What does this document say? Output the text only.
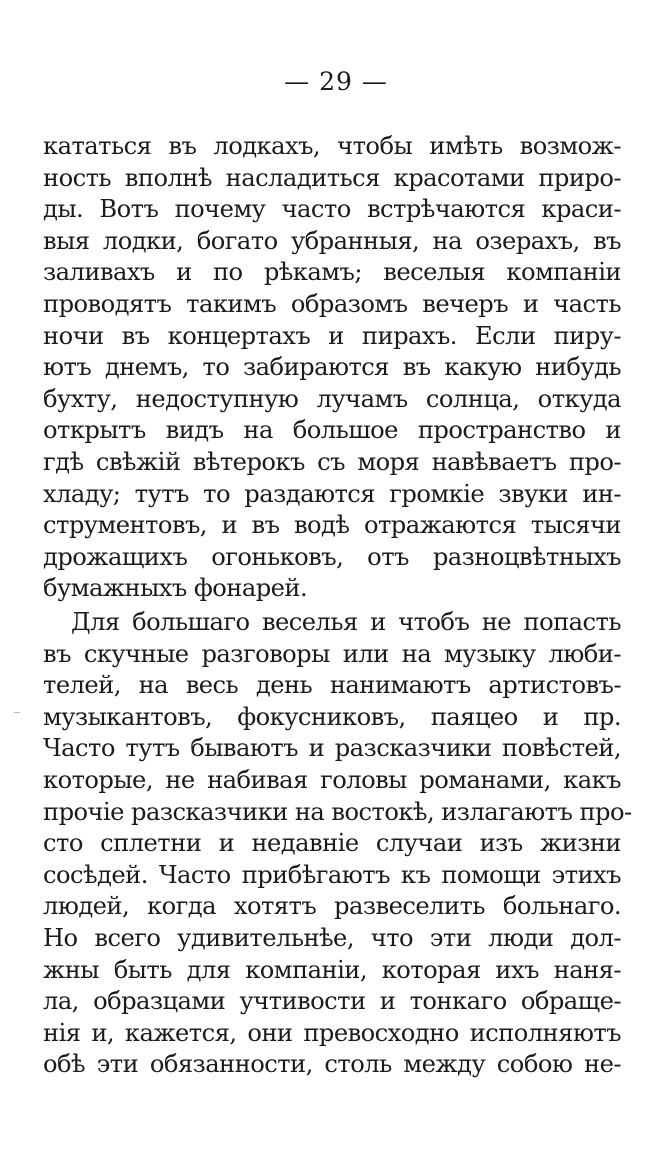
— 29 —
кататься въ лодкахъ, чтобы имѣть возмож-
ность вполнѣ насладиться красотами приро-
ды. Вотъ почему часто встрѣчаются краси-
выя лодки, богато убранныя, на озерахъ, въ
заливахъ и по рѣкамъ; веселыя компаніи
проводятъ такимъ образомъ вечеръ и часть
ночи въ концертахъ и пирахъ. Если пиру-
ютъ днемъ, то забираются въ какую нибудь
бухту, недоступную лучамъ солнца, откуда
открытъ видъ на большое пространство и
гдѣ свѣжій вѣтерокъ съ моря навѣваетъ про-
хладу; тутъ то раздаются громкіе звуки ин-
струментовъ, и въ водѣ отражаются тысячи
дрожащихъ огоньковъ, отъ разноцвѣтныхъ
бумажныхъ фонарей.
Для большаго веселья и чтобъ не попасть
въ скучные разговоры или на музыку люби-
телей, на весь день нанимаютъ артистовъ-
музыкантовъ, фокусниковъ, паяцео и пр.
Часто тутъ бываютъ и разсказчики повѣстей,
которые, не набивая головы романами, какъ
прочіе разсказчики на востокѣ, излагаютъ про-
сто сплетни и недавніе случаи изъ жизни
сосѣдей. Часто прибѣгаютъ къ помощи этихъ
людей, когда хотятъ развеселить больнаго.
Но всего удивительнѣе, что эти люди дол-
жны быть для компаніи, которая ихъ наня-
ла, образцами учтивости и тонкаго обраще-
нія и, кажется, они превосходно исполняютъ
обѣ эти обязанности, столь между собою не-
